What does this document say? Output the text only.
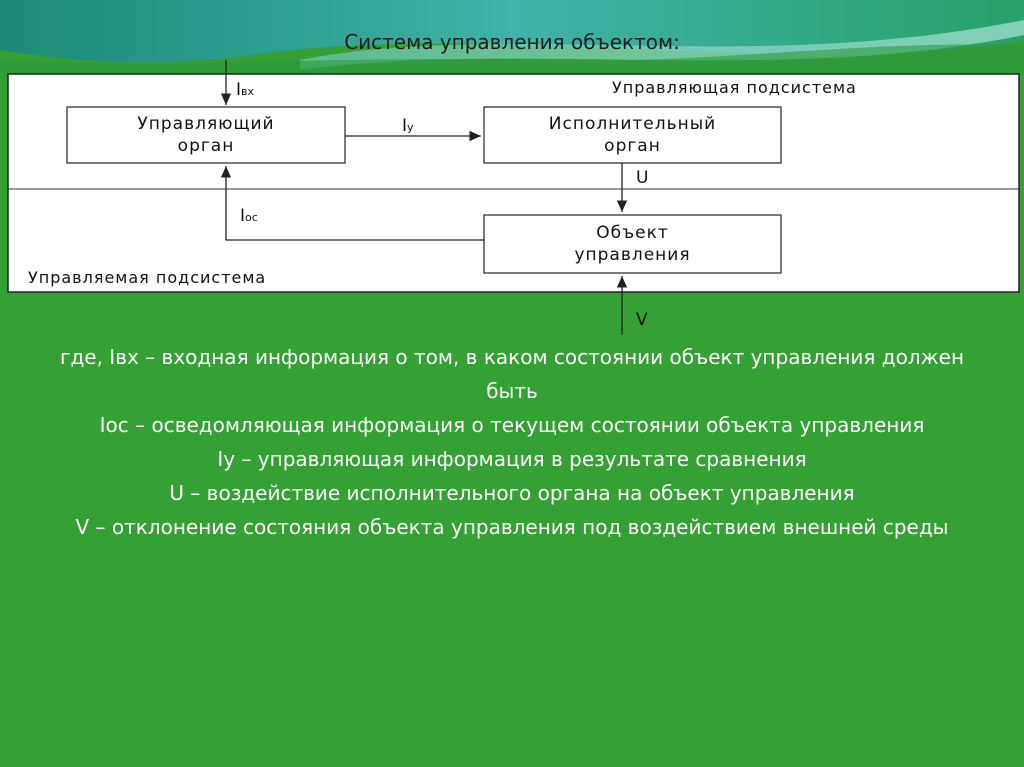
Система управления объектом:
Управляющая подсистема
Управляемая подсистема
Управляющий
орган
Исполнительный
орган
Объект
управления
Iвх
Iу
Iос
U
V
где, Iвх – входная информация о том, в каком состоянии объект управления должен
быть
Iос – осведомляющая информация о текущем состоянии объекта управления
Iу – управляющая информация в результате сравнения
U – воздействие исполнительного органа на объект управления
V – отклонение состояния объекта управления под воздействием внешней среды
